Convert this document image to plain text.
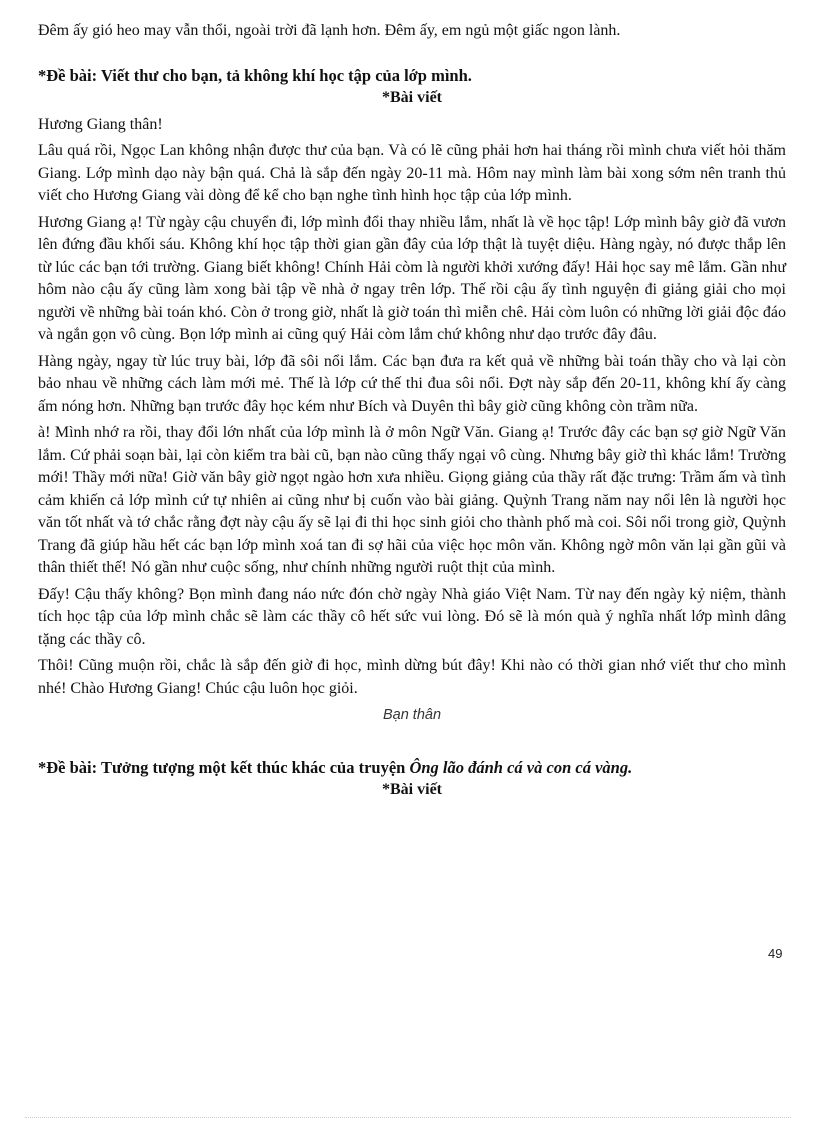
Đêm ấy gió heo may vẫn thổi, ngoài trời đã lạnh hơn. Đêm ấy, em ngủ một giấc ngon lành.

*Đề bài: Viết thư cho bạn, tả không khí học tập của lớp mình.

*Bài viết

Hương Giang thân!

Lâu quá rồi, Ngọc Lan không nhận được thư của bạn. Và có lẽ cũng phải hơn hai tháng rồi mình chưa viết hỏi thăm Giang. Lớp mình dạo này bận quá. Chả là sắp đến ngày 20-11 mà. Hôm nay mình làm bài xong sớm nên tranh thủ viết cho Hương Giang vài dòng để kể cho bạn nghe tình hình học tập của lớp mình.

Hương Giang ạ! Từ ngày cậu chuyển đi, lớp mình đổi thay nhiều lắm, nhất là về học tập! Lớp mình bây giờ đã vươn lên đứng đầu khối sáu. Không khí học tập thời gian gần đây của lớp thật là tuyệt diệu. Hàng ngày, nó được thắp lên từ lúc các bạn tới trường. Giang biết không! Chính Hải còm là người khởi xướng đấy! Hải học say mê lắm. Gần như hôm nào cậu ấy cũng làm xong bài tập về nhà ở ngay trên lớp. Thế rồi cậu ấy tình nguyện đi giảng giải cho mọi người về những bài toán khó. Còn ở trong giờ, nhất là giờ toán thì miễn chê. Hải còm luôn có những lời giải độc đáo và ngắn gọn vô cùng. Bọn lớp mình ai cũng quý Hải còm lắm chứ không như dạo trước đây đâu.

Hàng ngày, ngay từ lúc truy bài, lớp đã sôi nổi lắm. Các bạn đưa ra kết quả về những bài toán thầy cho và lại còn bảo nhau về những cách làm mới mẻ. Thế là lớp cứ thế thi đua sôi nổi. Đợt này sắp đến 20-11, không khí ấy càng ấm nóng hơn. Những bạn trước đây học kém như Bích và Duyên thì bây giờ cũng không còn trầm nữa.

à! Mình nhớ ra rồi, thay đổi lớn nhất của lớp mình là ở môn Ngữ Văn. Giang ạ! Trước đây các bạn sợ giờ Ngữ Văn lắm. Cứ phải soạn bài, lại còn kiểm tra bài cũ, bạn nào cũng thấy ngại vô cùng. Nhưng bây giờ thì khác lắm! Trường mới! Thầy mới nữa! Giờ văn bây giờ ngọt ngào hơn xưa nhiều. Giọng giảng của thầy rất đặc trưng: Trầm ấm và tình cảm khiến cả lớp mình cứ tự nhiên ai cũng như bị cuốn vào bài giảng. Quỳnh Trang năm nay nổi lên là người học văn tốt nhất và tớ chắc rằng đợt này cậu ấy sẽ lại đi thi học sinh giỏi cho thành phố mà coi. Sôi nổi trong giờ, Quỳnh Trang đã giúp hầu hết các bạn lớp mình xoá tan đi sợ hãi của việc học môn văn. Không ngờ môn văn lại gần gũi và thân thiết thế! Nó gần như cuộc sống, như chính những người ruột thịt của mình.

Đấy! Cậu thấy không? Bọn mình đang náo nức đón chờ ngày Nhà giáo Việt Nam. Từ nay đến ngày kỷ niệm, thành tích học tập của lớp mình chắc sẽ làm các thầy cô hết sức vui lòng. Đó sẽ là món quà ý nghĩa nhất lớp mình dâng tặng các thầy cô.

Thôi! Cũng muộn rồi, chắc là sắp đến giờ đi học, mình dừng bút đây! Khi nào có thời gian nhớ viết thư cho mình nhé! Chào Hương Giang! Chúc cậu luôn học giỏi.

Bạn thân

*Đề bài: Tưởng tượng một kết thúc khác của truyện Ông lão đánh cá và con cá vàng.

*Bài viết

49
